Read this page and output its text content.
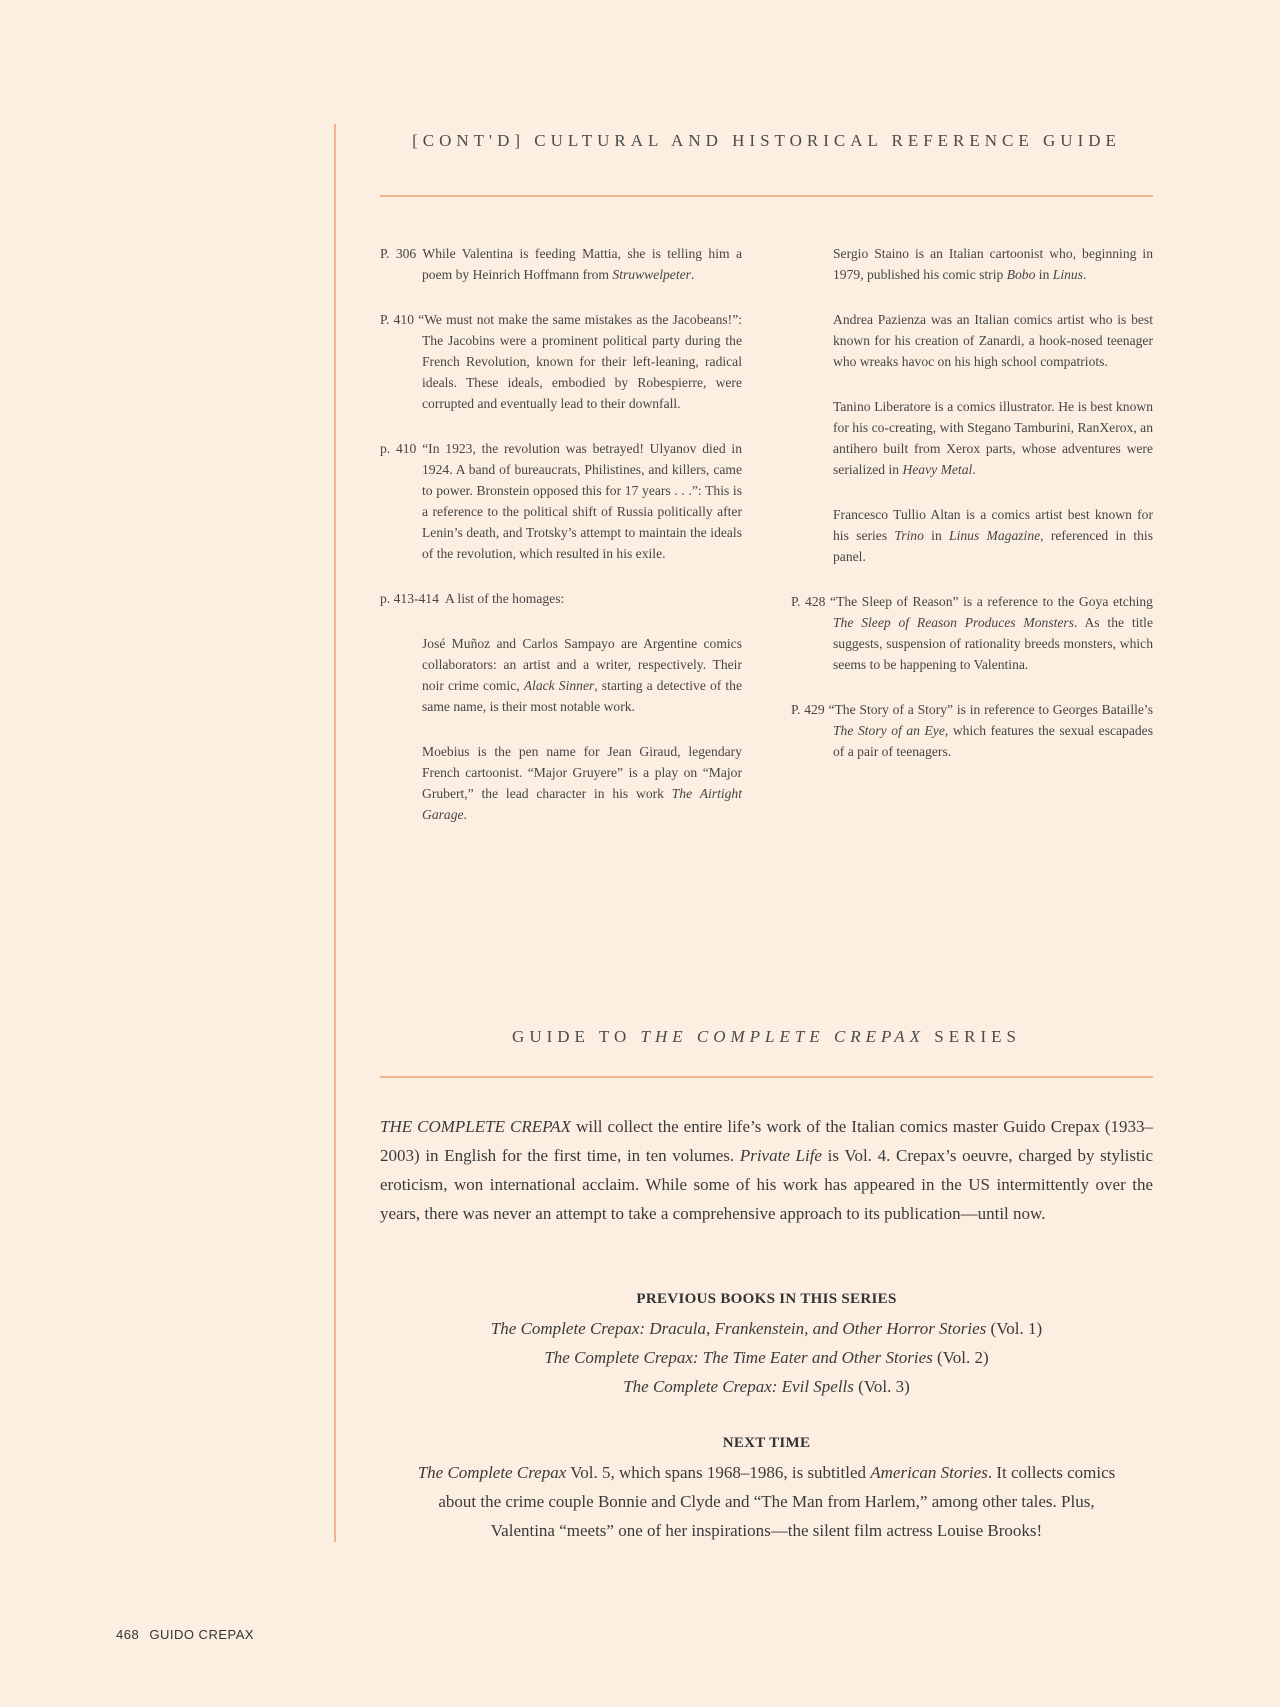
[CONT'D] CULTURAL AND HISTORICAL REFERENCE GUIDE
P. 306 While Valentina is feeding Mattia, she is telling him a poem by Heinrich Hoffmann from Struwwelpeter.
P. 410 “We must not make the same mistakes as the Jacobeans!”: The Jacobins were a prominent political party during the French Revolution, known for their left-leaning, radical ideals. These ideals, embodied by Robespierre, were corrupted and eventually lead to their downfall.
p. 410 “In 1923, the revolution was betrayed! Ulyanov died in 1924. A band of bureaucrats, Philistines, and killers, came to power. Bronstein opposed this for 17 years . . .”: This is a reference to the political shift of Russia politically after Lenin’s death, and Trotsky’s attempt to maintain the ideals of the revolution, which resulted in his exile.
p. 413-414 A list of the homages:
José Muñoz and Carlos Sampayo are Argentine comics collaborators: an artist and a writer, respectively. Their noir crime comic, Alack Sinner, starting a detective of the same name, is their most notable work.
Moebius is the pen name for Jean Giraud, legendary French cartoonist. “Major Gruyere” is a play on “Major Grubert,” the lead character in his work The Airtight Garage.
Sergio Staino is an Italian cartoonist who, beginning in 1979, published his comic strip Bobo in Linus.
Andrea Pazienza was an Italian comics artist who is best known for his creation of Zanardi, a hook-nosed teenager who wreaks havoc on his high school compatriots.
Tanino Liberatore is a comics illustrator. He is best known for his co-creating, with Stegano Tamburini, RanXerox, an antihero built from Xerox parts, whose adventures were serialized in Heavy Metal.
Francesco Tullio Altan is a comics artist best known for his series Trino in Linus Magazine, referenced in this panel.
P. 428 “The Sleep of Reason” is a reference to the Goya etching The Sleep of Reason Produces Monsters. As the title suggests, suspension of rationality breeds monsters, which seems to be happening to Valentina.
P. 429 “The Story of a Story” is in reference to Georges Bataille’s The Story of an Eye, which features the sexual escapades of a pair of teenagers.
GUIDE TO THE COMPLETE CREPAX SERIES
THE COMPLETE CREPAX will collect the entire life’s work of the Italian comics master Guido Crepax (1933–2003) in English for the first time, in ten volumes. Private Life is Vol. 4. Crepax’s oeuvre, charged by stylistic eroticism, won international acclaim. While some of his work has appeared in the US intermittently over the years, there was never an attempt to take a comprehensive approach to its publication—until now.
PREVIOUS BOOKS IN THIS SERIES
The Complete Crepax: Dracula, Frankenstein, and Other Horror Stories (Vol. 1)
The Complete Crepax: The Time Eater and Other Stories (Vol. 2)
The Complete Crepax: Evil Spells (Vol. 3)
NEXT TIME
The Complete Crepax Vol. 5, which spans 1968–1986, is subtitled American Stories. It collects comics about the crime couple Bonnie and Clyde and “The Man from Harlem,” among other tales. Plus, Valentina “meets” one of her inspirations—the silent film actress Louise Brooks!
468 GUIDO CREPAX
